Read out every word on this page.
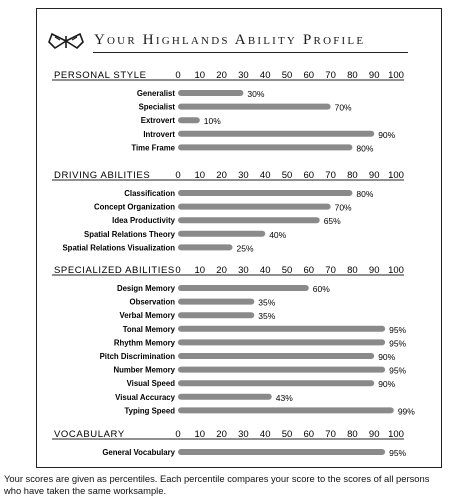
Your Highlands Ability Profile
PERSONAL STYLE	0 10 20 30 40 50 60 70 80 90 100
Generalist	30%
Specialist	70%
Extrovert	10%
Introvert	90%
Time Frame	80%
DRIVING ABILITIES	0 10 20 30 40 50 60 70 80 90 100
Classification	80%
Concept Organization	70%
Idea Productivity	65%
Spatial Relations Theory	40%
Spatial Relations Visualization	25%
SPECIALIZED ABILITIES 0 10 20 30 40 50 60 70 80 90 100
Design Memory	60%
Observation	35%
Verbal Memory	35%
Tonal Memory	95%
Rhythm Memory	95%
Pitch Discrimination	90%
Number Memory	95%
Visual Speed	90%
Visual Accuracy	43%
Typing Speed	99%
VOCABULARY	0 10 20 30 40 50 60 70 80 90 100
General Vocabulary	95%
Your scores are given as percentiles. Each percentile compares your score to the scores of all persons who have taken the same worksample.
